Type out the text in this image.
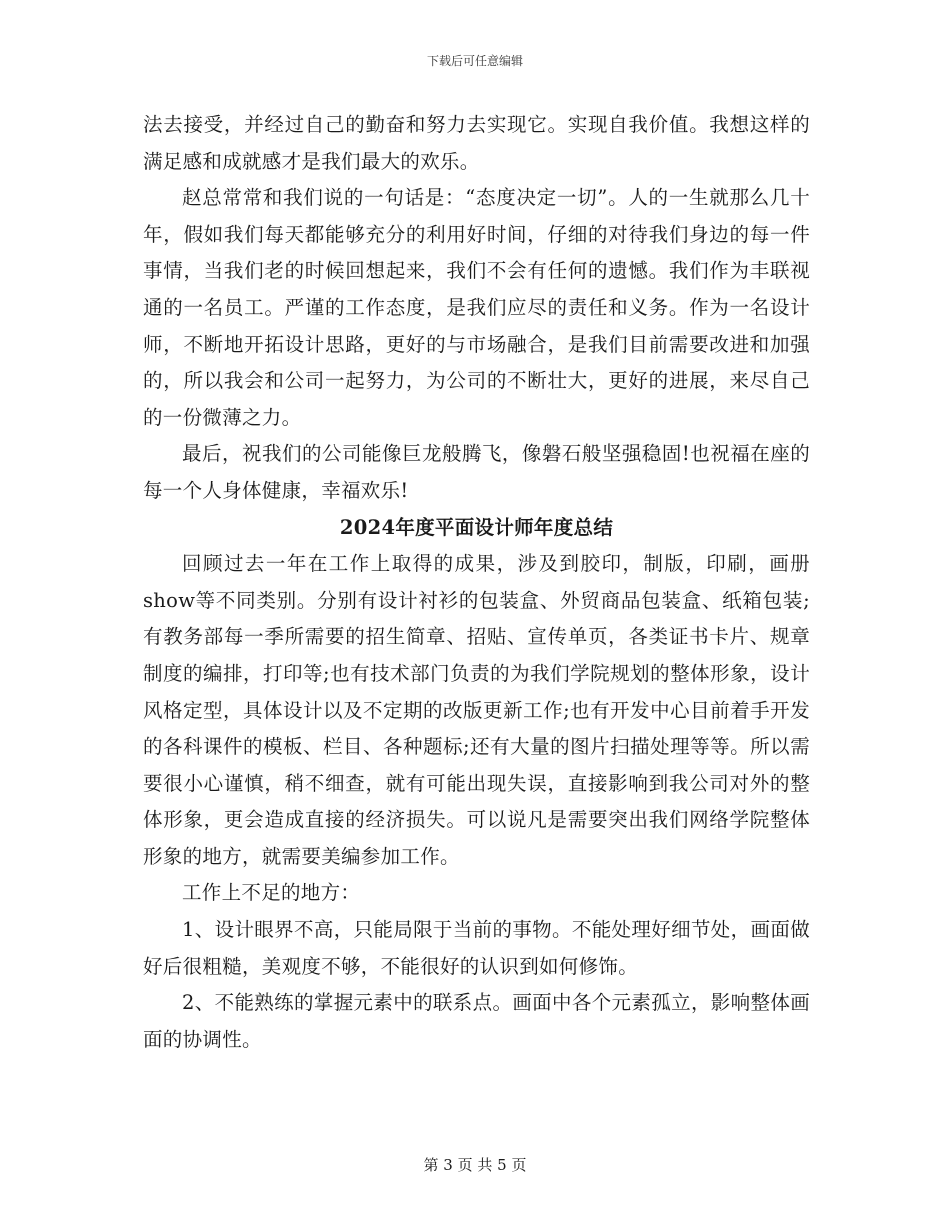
下载后可任意编辑

法去接受，并经过自己的勤奋和努力去实现它。实现自我价值。我想这样的满足感和成就感才是我们最大的欢乐。

赵总常常和我们说的一句话是：“态度决定一切”。人的一生就那么几十年，假如我们每天都能够充分的利用好时间，仔细的对待我们身边的每一件事情，当我们老的时候回想起来，我们不会有任何的遗憾。我们作为丰联视通的一名员工。严谨的工作态度，是我们应尽的责任和义务。作为一名设计师，不断地开拓设计思路，更好的与市场融合，是我们目前需要改进和加强的，所以我会和公司一起努力，为公司的不断壮大，更好的进展，来尽自己的一份微薄之力。

最后，祝我们的公司能像巨龙般腾飞，像磐石般坚强稳固!也祝福在座的每一个人身体健康，幸福欢乐!

2024年度平面设计师年度总结

回顾过去一年在工作上取得的成果，涉及到胶印，制版，印刷，画册show等不同类别。分别有设计衬衫的包装盒、外贸商品包装盒、纸箱包装;有教务部每一季所需要的招生简章、招贴、宣传单页，各类证书卡片、规章制度的编排，打印等;也有技术部门负责的为我们学院规划的整体形象，设计风格定型，具体设计以及不定期的改版更新工作;也有开发中心目前着手开发的各科课件的模板、栏目、各种题标;还有大量的图片扫描处理等等。所以需要很小心谨慎，稍不细查，就有可能出现失误，直接影响到我公司对外的整体形象，更会造成直接的经济损失。可以说凡是需要突出我们网络学院整体形象的地方，就需要美编参加工作。

工作上不足的地方：

1、设计眼界不高，只能局限于当前的事物。不能处理好细节处，画面做好后很粗糙，美观度不够，不能很好的认识到如何修饰。

2、不能熟练的掌握元素中的联系点。画面中各个元素孤立，影响整体画面的协调性。

第 3 页 共 5 页
